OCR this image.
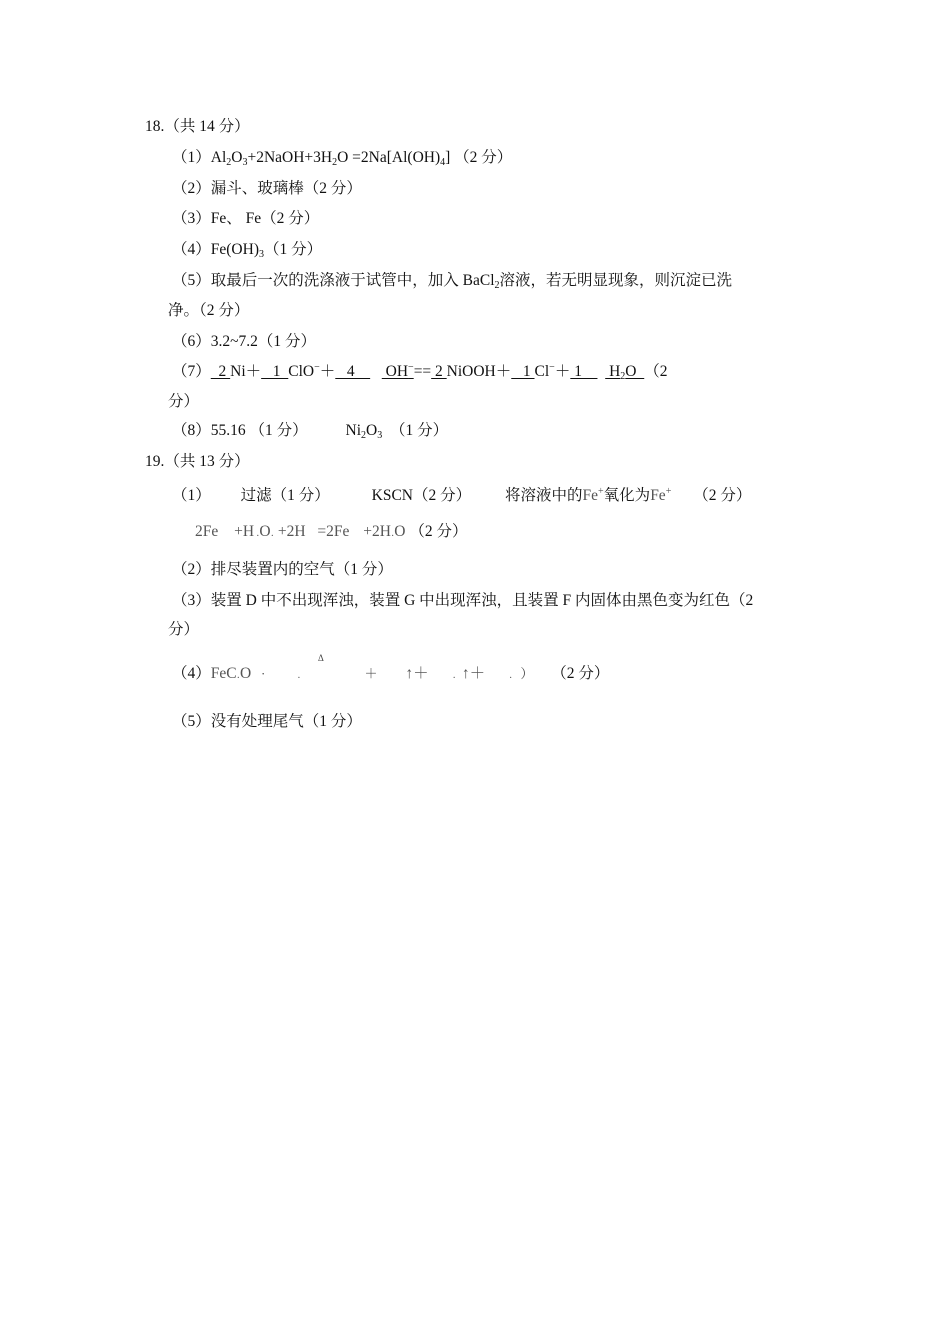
18.（共 14 分）
$(1)Al_2O_3+2NaOH+3H_2O =2Na[Al(OH)_4]$ （2 分）
（2）漏斗、玻璃棒（2 分）
（3）Fe、 Fe（2 分）
$(4)Fe(OH)_3(1$ 分）
（5）取最后一次的洗涤液于试管中，加入 BaCl$_2$溶液，若无明显现象，则沉淀已洗
净。（2 分）
（6）3.2~7.2（1 分）
（7）  2 Ni＋   1  ClO−＋   4        OH−== 2 NiOOH＋   1 Cl−＋ 1       $H_2O$  （2
分）
（8）55.16 （1 分） $Ni_2O_3$ （1 分）
19.（共 13 分）
（1） 过滤（1 分）	KSCN（2 分） 将溶液中的Fe+氧化为Fe+ （2 分）
2Fe +H $_\cdot O_\cdot +2H =2Fe +2H_\cdot O$ （2 分）
（2）排尽装置内的空气（1 分）
（3）装置 D 中不出现浑浊，装置 G 中出现浑浊，且装置 F 内固体由黑色变为红色（2
分）
Δ
（4）FeC$_\cdot$O ·	$_\cdot$	＋ ↑＋ $_\cdot$ ↑＋ $_\cdot$ ） （2 分）
（5）没有处理尾气（1 分）
